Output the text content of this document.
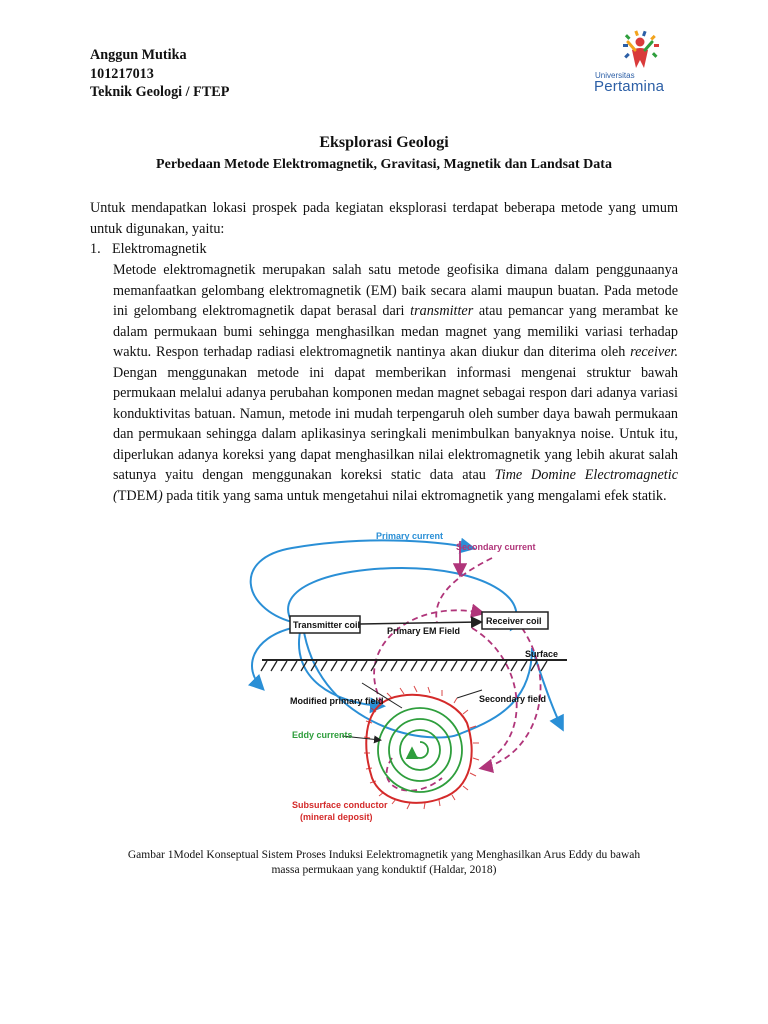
Anggun Mutika
101217013
Teknik Geologi / FTEP
Universitas
Pertamina
Eksplorasi Geologi
Perbedaan Metode Elektromagnetik, Gravitasi, Magnetik dan Landsat Data
Untuk mendapatkan lokasi prospek pada kegiatan eksplorasi terdapat beberapa metode yang umum untuk digunakan, yaitu:
1. Elektromagnetik
Metode elektromagnetik merupakan salah satu metode geofisika dimana dalam penggunaanya memanfaatkan gelombang elektromagnetik (EM) baik secara alami maupun buatan. Pada metode ini gelombang elektromagnetik dapat berasal dari transmitter atau pemancar yang merambat ke dalam permukaan bumi sehingga menghasilkan medan magnet yang memiliki variasi terhadap waktu. Respon terhadap radiasi elektromagnetik nantinya akan diukur dan diterima oleh receiver. Dengan menggunakan metode ini dapat memberikan informasi mengenai struktur bawah permukaan melalui adanya perubahan komponen medan magnet sebagai respon dari adanya variasi konduktivitas batuan. Namun, metode ini mudah terpengaruh oleh sumber daya bawah permukaan dan permukaan sehingga dalam aplikasinya seringkali menimbulkan banyaknya noise. Untuk itu, diperlukan adanya koreksi yang dapat menghasilkan nilai elektromagnetik yang lebih akurat salah satunya yaitu dengan menggunakan koreksi static data atau Time Domine Electromagnetic (TDEM) pada titik yang sama untuk mengetahui nilai ektromagnetik yang mengalami efek statik.
Primary current
Secondary current
Transmitter coil
Primary EM Field
Receiver coil
Surface
Modified primary field	Secondary field
Eddy currents
Subsurface conductor
(mineral deposit)
Gambar 1Model Konseptual Sistem Proses Induksi Eelektromagnetik yang Menghasilkan Arus Eddy du bawah
massa permukaan yang konduktif (Haldar, 2018)
